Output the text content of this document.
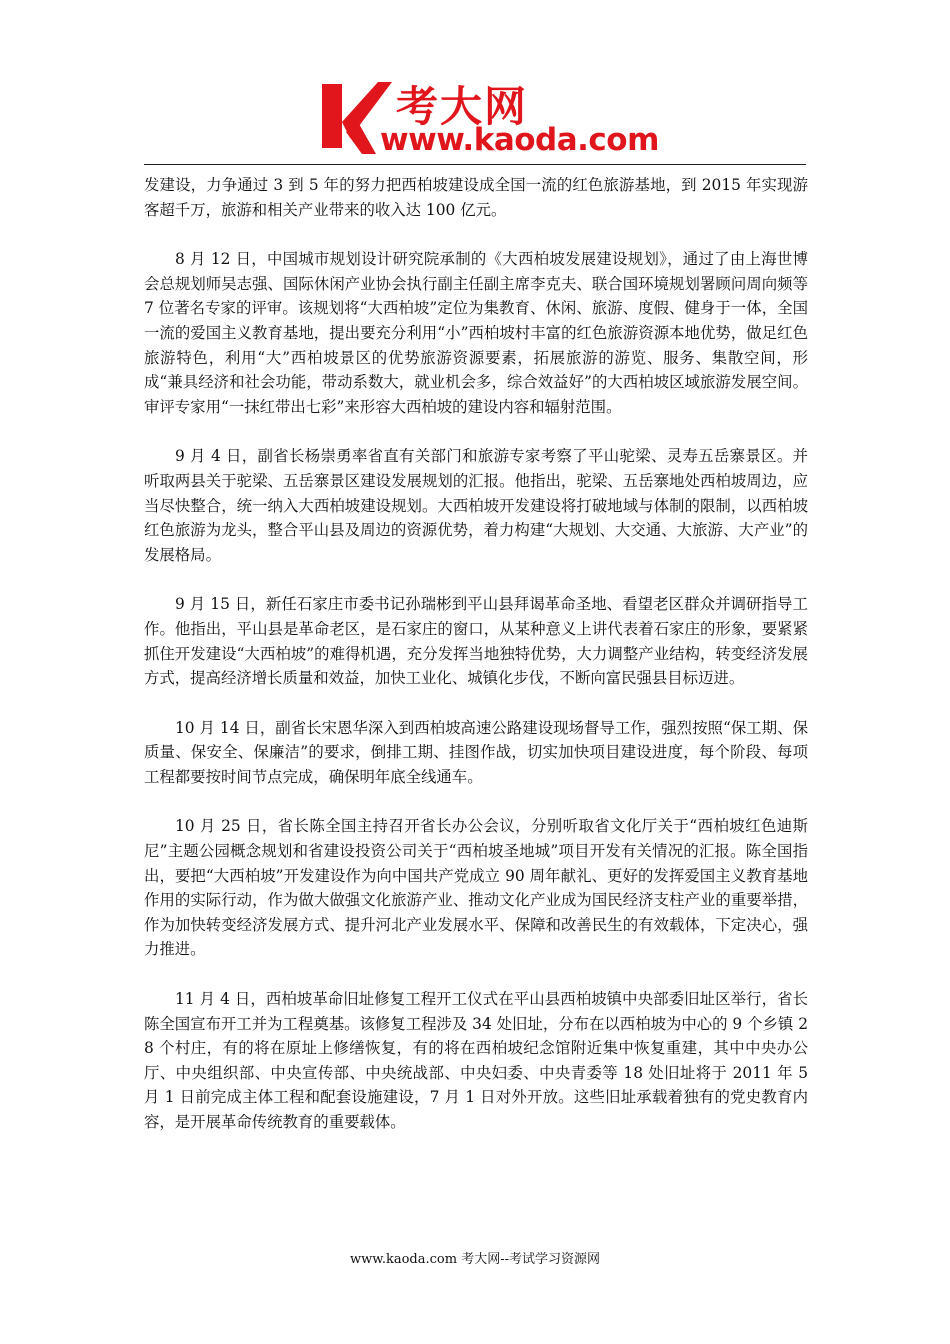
考大网
www.kaoda.com

发建设，力争通过 3 到 5 年的努力把西柏坡建设成全国一流的红色旅游基地，到 2015 年实现游客超千万，旅游和相关产业带来的收入达 100 亿元。

8 月 12 日，中国城市规划设计研究院承制的《大西柏坡发展建设规划》，通过了由上海世博会总规划师吴志强、国际休闲产业协会执行副主任副主席李克夫、联合国环境规划署顾问周向频等 7 位著名专家的评审。该规划将“大西柏坡”定位为集教育、休闲、旅游、度假、健身于一体，全国一流的爱国主义教育基地，提出要充分利用“小”西柏坡村丰富的红色旅游资源本地优势，做足红色旅游特色，利用“大”西柏坡景区的优势旅游资源要素，拓展旅游的游览、服务、集散空间，形成“兼具经济和社会功能，带动系数大，就业机会多，综合效益好”的大西柏坡区域旅游发展空间。审评专家用“一抹红带出七彩”来形容大西柏坡的建设内容和辐射范围。

9 月 4 日，副省长杨崇勇率省直有关部门和旅游专家考察了平山驼梁、灵寿五岳寨景区。并听取两县关于驼梁、五岳寨景区建设发展规划的汇报。他指出，驼梁、五岳寨地处西柏坡周边，应当尽快整合，统一纳入大西柏坡建设规划。大西柏坡开发建设将打破地域与体制的限制，以西柏坡红色旅游为龙头，整合平山县及周边的资源优势，着力构建“大规划、大交通、大旅游、大产业”的发展格局。

9 月 15 日，新任石家庄市委书记孙瑞彬到平山县拜谒革命圣地、看望老区群众并调研指导工作。他指出，平山县是革命老区，是石家庄的窗口，从某种意义上讲代表着石家庄的形象，要紧紧抓住开发建设“大西柏坡”的难得机遇，充分发挥当地独特优势，大力调整产业结构，转变经济发展方式，提高经济增长质量和效益，加快工业化、城镇化步伐，不断向富民强县目标迈进。

10 月 14 日，副省长宋恩华深入到西柏坡高速公路建设现场督导工作，强烈按照“保工期、保质量、保安全、保廉洁”的要求，倒排工期、挂图作战，切实加快项目建设进度，每个阶段、每项工程都要按时间节点完成，确保明年底全线通车。

10 月 25 日，省长陈全国主持召开省长办公会议，分别听取省文化厅关于“西柏坡红色迪斯尼”主题公园概念规划和省建设投资公司关于“西柏坡圣地城”项目开发有关情况的汇报。陈全国指出，要把“大西柏坡”开发建设作为向中国共产党成立 90 周年献礼、更好的发挥爱国主义教育基地作用的实际行动，作为做大做强文化旅游产业、推动文化产业成为国民经济支柱产业的重要举措，作为加快转变经济发展方式、提升河北产业发展水平、保障和改善民生的有效载体，下定决心，强力推进。

11 月 4 日，西柏坡革命旧址修复工程开工仪式在平山县西柏坡镇中央部委旧址区举行，省长陈全国宣布开工并为工程奠基。该修复工程涉及 34 处旧址，分布在以西柏坡为中心的 9 个乡镇 28 个村庄，有的将在原址上修缮恢复，有的将在西柏坡纪念馆附近集中恢复重建，其中中央办公厅、中央组织部、中央宣传部、中央统战部、中央妇委、中央青委等 18 处旧址将于 2011 年 5 月 1 日前完成主体工程和配套设施建设，7 月 1 日对外开放。这些旧址承载着独有的党史教育内容，是开展革命传统教育的重要载体。

www.kaoda.com 考大网--考试学习资源网
